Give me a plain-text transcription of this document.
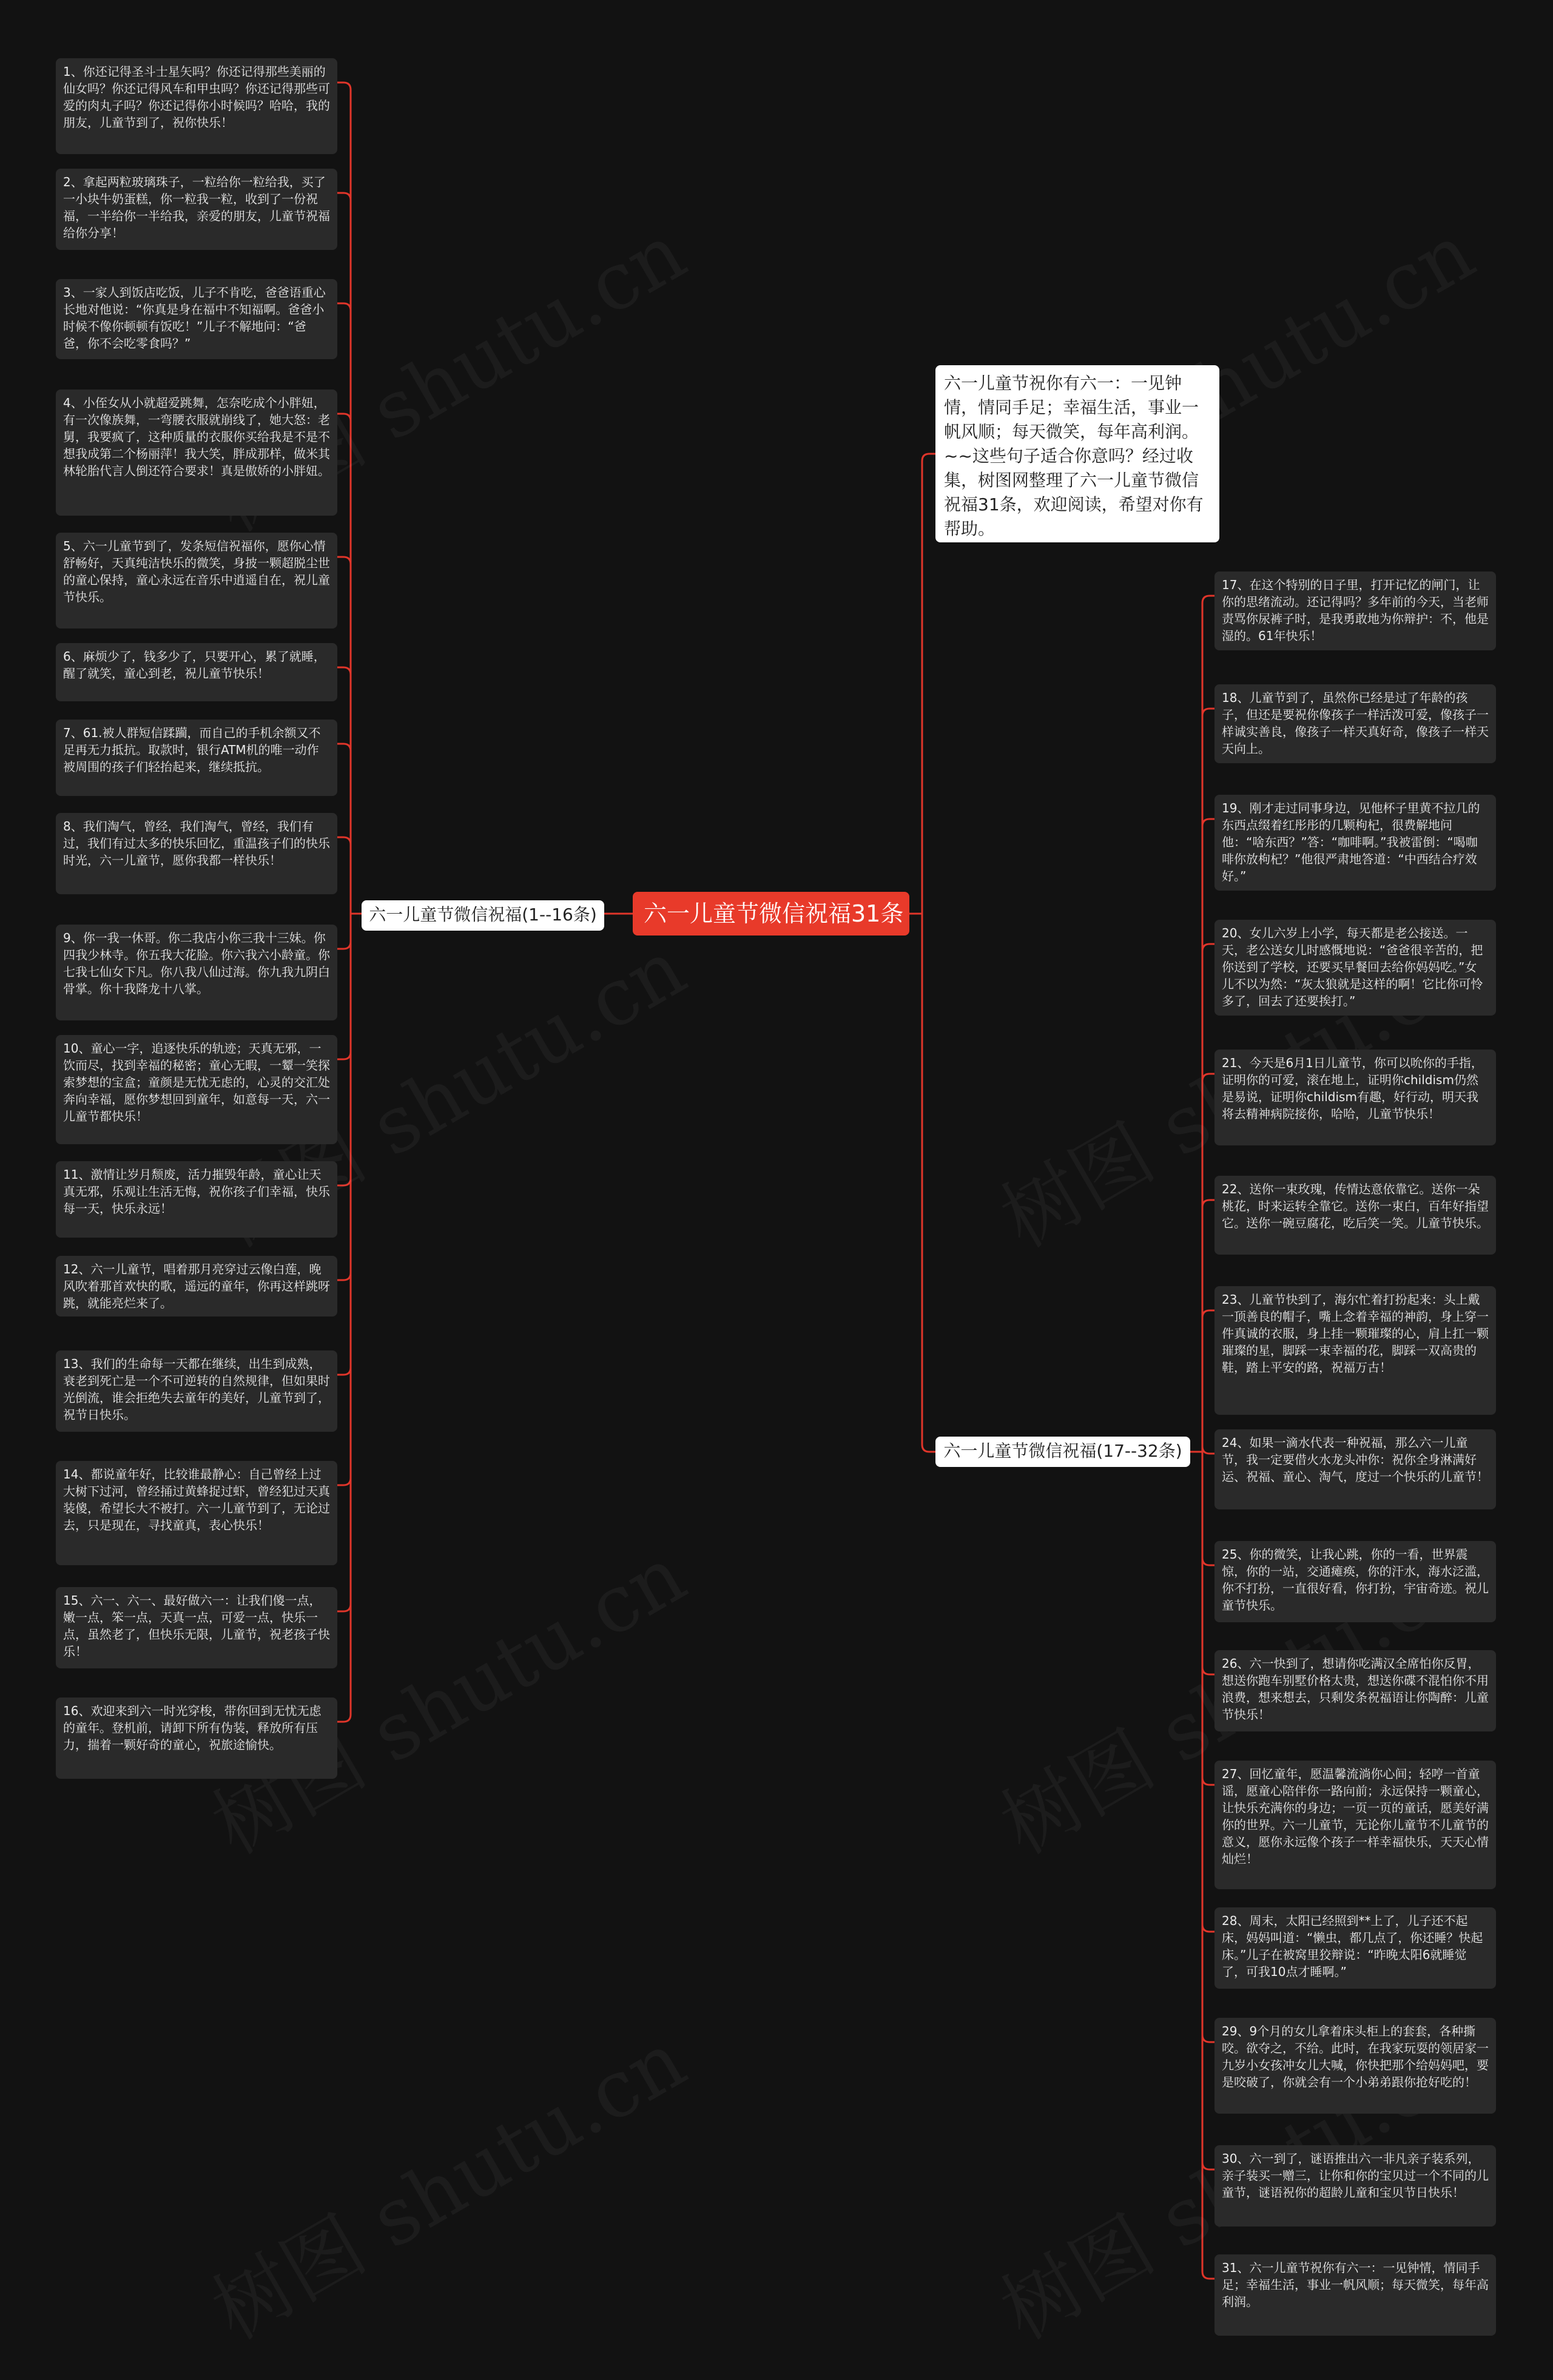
六一儿童节微信祝福31条
六一儿童节祝你有六一：一见钟情，情同手足；幸福生活，事业一帆风顺；每天微笑，每年高利润。~~这些句子适合你意吗？经过收集，树图网整理了六一儿童节微信祝福31条，欢迎阅读，希望对你有帮助。
六一儿童节微信祝福(1--16条)
六一儿童节微信祝福(17--32条)
1、你还记得圣斗士星矢吗？你还记得那些美丽的仙女吗？你还记得风车和甲虫吗？你还记得那些可爱的肉丸子吗？你还记得你小时候吗？哈哈，我的朋友，儿童节到了，祝你快乐！
2、拿起两粒玻璃珠子，一粒给你一粒给我，买了一小块牛奶蛋糕，你一粒我一粒，收到了一份祝福，一半给你一半给我，亲爱的朋友，儿童节祝福给你分享！
3、一家人到饭店吃饭，儿子不肯吃，爸爸语重心长地对他说：“你真是身在福中不知福啊。爸爸小时候不像你顿顿有饭吃！”儿子不解地问：“爸爸，你不会吃零食吗？”
4、小侄女从小就超爱跳舞，怎奈吃成个小胖妞，有一次像族舞，一弯腰衣服就崩线了，她大怒：老舅，我要疯了，这种质量的衣服你买给我是不是不想我成第二个杨丽萍！我大笑，胖成那样，做米其林轮胎代言人倒还符合要求！真是傲娇的小胖妞。
5、六一儿童节到了，发条短信祝福你，愿你心情舒畅好，天真纯洁快乐的微笑，身披一颗超脱尘世的童心保持，童心永远在音乐中逍遥自在，祝儿童节快乐。
6、麻烦少了，钱多少了，只要开心，累了就睡，醒了就笑，童心到老，祝儿童节快乐！
7、61.被人群短信蹂躏，而自己的手机余额又不足再无力抵抗。取款时，银行ATM机的唯一动作被周围的孩子们轻抬起来，继续抵抗。
8、我们淘气，曾经，我们淘气，曾经，我们有过，我们有过太多的快乐回忆，重温孩子们的快乐时光，六一儿童节，愿你我都一样快乐！
9、你一我一休哥。你二我店小你三我十三妹。你四我少林寺。你五我大花脸。你六我六小龄童。你七我七仙女下凡。你八我八仙过海。你九我九阴白骨掌。你十我降龙十八掌。
10、童心一字，追逐快乐的轨迹；天真无邪，一饮而尽，找到幸福的秘密；童心无暇，一颦一笑探索梦想的宝盒；童颜是无忧无虑的，心灵的交汇处奔向幸福，愿你梦想回到童年，如意每一天，六一儿童节都快乐！
11、激情让岁月颓废，活力摧毁年龄，童心让天真无邪，乐观让生活无悔，祝你孩子们幸福，快乐每一天，快乐永远！
12、六一儿童节，唱着那月亮穿过云像白莲，晚风吹着那首欢快的歌，遥远的童年，你再这样跳呀跳，就能亮烂来了。
13、我们的生命每一天都在继续，出生到成熟，衰老到死亡是一个不可逆转的自然规律，但如果时光倒流，谁会拒绝失去童年的美好，儿童节到了，祝节日快乐。
14、都说童年好，比较谁最静心：自己曾经上过大树下过河，曾经捅过黄蜂捉过虾，曾经犯过天真装傻，希望长大不被打。六一儿童节到了，无论过去，只是现在，寻找童真，表心快乐！
15、六一、六一、最好做六一：让我们傻一点，嫩一点，笨一点，天真一点，可爱一点，快乐一点，虽然老了，但快乐无限，儿童节，祝老孩子快乐！
16、欢迎来到六一时光穿梭，带你回到无忧无虑的童年。登机前，请卸下所有伪装，释放所有压力，揣着一颗好奇的童心，祝旅途愉快。
17、在这个特别的日子里，打开记忆的闸门，让你的思绪流动。还记得吗？多年前的今天，当老师责骂你尿裤子时，是我勇敢地为你辩护：不，他是湿的。61年快乐！
18、儿童节到了，虽然你已经是过了年龄的孩子，但还是要祝你像孩子一样活泼可爱，像孩子一样诚实善良，像孩子一样天真好奇，像孩子一样天天向上。
19、刚才走过同事身边，见他杯子里黄不拉几的东西点缀着红彤彤的几颗枸杞，很费解地问他：“啥东西？”答：“咖啡啊。”我被雷倒：“喝咖啡你放枸杞？”他很严肃地答道：“中西结合疗效好。”
20、女儿六岁上小学，每天都是老公接送。一天，老公送女儿时感慨地说：“爸爸很辛苦的，把你送到了学校，还要买早餐回去给你妈妈吃。”女儿不以为然：“灰太狼就是这样的啊！它比你可怜多了，回去了还要挨打。”
21、今天是6月1日儿童节，你可以吮你的手指，证明你的可爱，滚在地上，证明你childism仍然是易说，证明你childism有趣，好行动，明天我将去精神病院接你，哈哈，儿童节快乐！
22、送你一束玫瑰，传情达意依靠它。送你一朵桃花，时来运转全靠它。送你一束白，百年好指望它。送你一碗豆腐花，吃后笑一笑。儿童节快乐。
23、儿童节快到了，海尔忙着打扮起来：头上戴一顶善良的帽子，嘴上念着幸福的神韵，身上穿一件真诚的衣服，身上挂一颗璀璨的心，肩上扛一颗璀璨的星，脚踩一束幸福的花，脚踩一双高贵的鞋，踏上平安的路，祝福万古！
24、如果一滴水代表一种祝福，那么六一儿童节，我一定要借火水龙头冲你：祝你全身淋满好运、祝福、童心、淘气，度过一个快乐的儿童节！
25、你的微笑，让我心跳，你的一看，世界震惊，你的一站，交通瘫痪，你的汗水，海水泛滥，你不打扮，一直很好看，你打扮，宇宙奇迹。祝儿童节快乐。
26、六一快到了，想请你吃满汉全席怕你反胃，想送你跑车别墅价格太贵，想送你碟不混怕你不用浪费，想来想去，只剩发条祝福语让你陶醉：儿童节快乐！
27、回忆童年，愿温馨流淌你心间；轻哼一首童谣，愿童心陪伴你一路向前；永远保持一颗童心，让快乐充满你的身边；一页一页的童话，愿美好满你的世界。六一儿童节，无论你儿童节不儿童节的意义，愿你永远像个孩子一样幸福快乐，天天心情灿烂！
28、周末，太阳已经照到**上了，儿子还不起床，妈妈叫道：“懒虫，都几点了，你还睡？快起床。”儿子在被窝里狡辩说：“昨晚太阳6就睡觉了，可我10点才睡啊。”
29、9个月的女儿拿着床头柜上的套套，各种撕咬。欲夺之，不给。此时，在我家玩耍的领居家一九岁小女孩冲女儿大喊，你快把那个给妈妈吧，要是咬破了，你就会有一个小弟弟跟你抢好吃的！
30、六一到了，谜语推出六一非凡亲子装系列，亲子装买一赠三，让你和你的宝贝过一个不同的儿童节，谜语祝你的超龄儿童和宝贝节日快乐！
31、六一儿童节祝你有六一：一见钟情，情同手足；幸福生活，事业一帆风顺；每天微笑，每年高利润。
